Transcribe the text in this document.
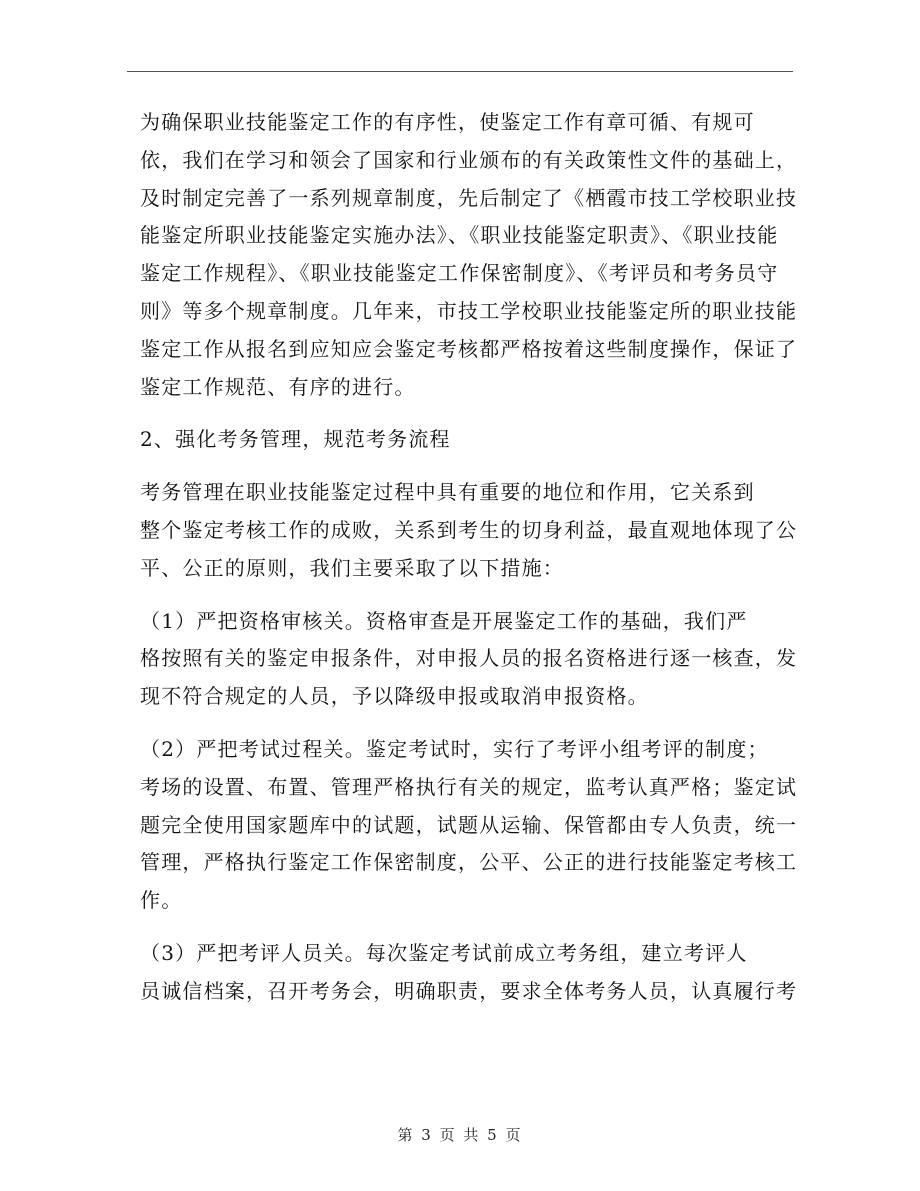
为确保职业技能鉴定工作的有序性，使鉴定工作有章可循、有规可
依，我们在学习和领会了国家和行业颁布的有关政策性文件的基础上，
及时制定完善了一系列规章制度，先后制定了《栖霞市技工学校职业技
能鉴定所职业技能鉴定实施办法》、《职业技能鉴定职责》、《职业技能
鉴定工作规程》、《职业技能鉴定工作保密制度》、《考评员和考务员守
则》等多个规章制度。几年来，市技工学校职业技能鉴定所的职业技能
鉴定工作从报名到应知应会鉴定考核都严格按着这些制度操作，保证了
鉴定工作规范、有序的进行。
2、强化考务管理，规范考务流程
考务管理在职业技能鉴定过程中具有重要的地位和作用，它关系到
整个鉴定考核工作的成败，关系到考生的切身利益，最直观地体现了公
平、公正的原则，我们主要采取了以下措施：
（1）严把资格审核关。资格审查是开展鉴定工作的基础，我们严
格按照有关的鉴定申报条件，对申报人员的报名资格进行逐一核查，发
现不符合规定的人员，予以降级申报或取消申报资格。
（2）严把考试过程关。鉴定考试时，实行了考评小组考评的制度；
考场的设置、布置、管理严格执行有关的规定，监考认真严格；鉴定试
题完全使用国家题库中的试题，试题从运输、保管都由专人负责，统一
管理，严格执行鉴定工作保密制度，公平、公正的进行技能鉴定考核工
作。
（3）严把考评人员关。每次鉴定考试前成立考务组，建立考评人
员诚信档案，召开考务会，明确职责，要求全体考务人员，认真履行考
第 3 页 共 5 页
